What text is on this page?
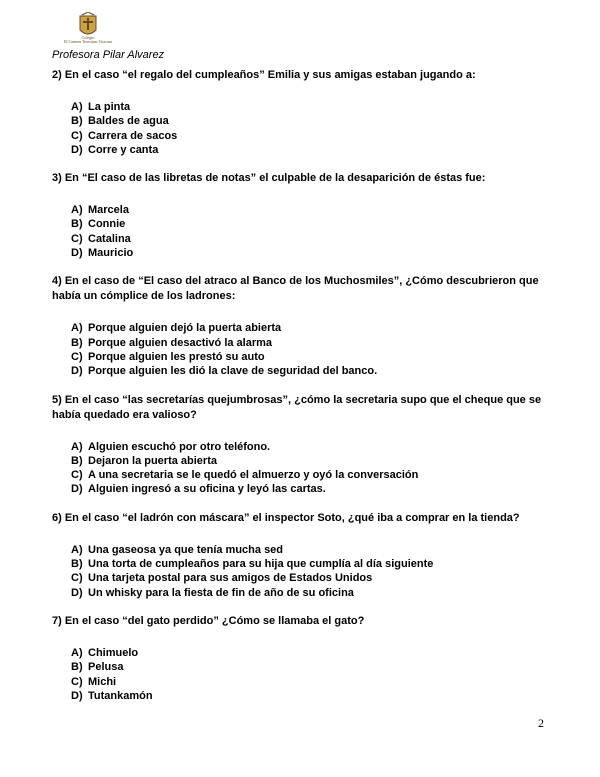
Colegio
El Carmen Teresiano Vitacura
Profesora Pilar Alvarez

2) En el caso “el regalo del cumpleaños” Emilia y sus amigas estaban jugando a:

A) La pinta
B) Baldes de agua
C) Carrera de sacos
D) Corre y canta

3) En “El caso de las libretas de notas” el culpable de la desaparición de éstas fue:

A) Marcela
B) Connie
C) Catalina
D) Mauricio

4) En el caso de “El caso del atraco al Banco de los Muchosmiles”, ¿Cómo descubrieron que había un cómplice de los ladrones:

A) Porque alguien dejó la puerta abierta
B) Porque alguien desactivó la alarma
C) Porque alguien les prestó su auto
D) Porque alguien les dió la clave de seguridad del banco.

5) En el caso “las secretarías quejumbrosas”, ¿cómo la secretaria supo que el cheque que se había quedado era valioso?

A) Alguien escuchó por otro teléfono.
B) Dejaron la puerta abierta
C) A una secretaria se le quedó el almuerzo y oyó la conversación
D) Alguien ingresó a su oficina y leyó las cartas.

6) En el caso “el ladrón con máscara” el inspector Soto, ¿qué iba a comprar en la tienda?

A) Una gaseosa ya que tenía mucha sed
B) Una torta de cumpleaños para su hija que cumplía al día siguiente
C) Una tarjeta postal para sus amigos de Estados Unidos
D) Un whisky para la fiesta de fin de año de su oficina

7) En el caso “del gato perdido” ¿Cómo se llamaba el gato?

A) Chimuelo
B) Pelusa
C) Michi
D) Tutankamón
2
